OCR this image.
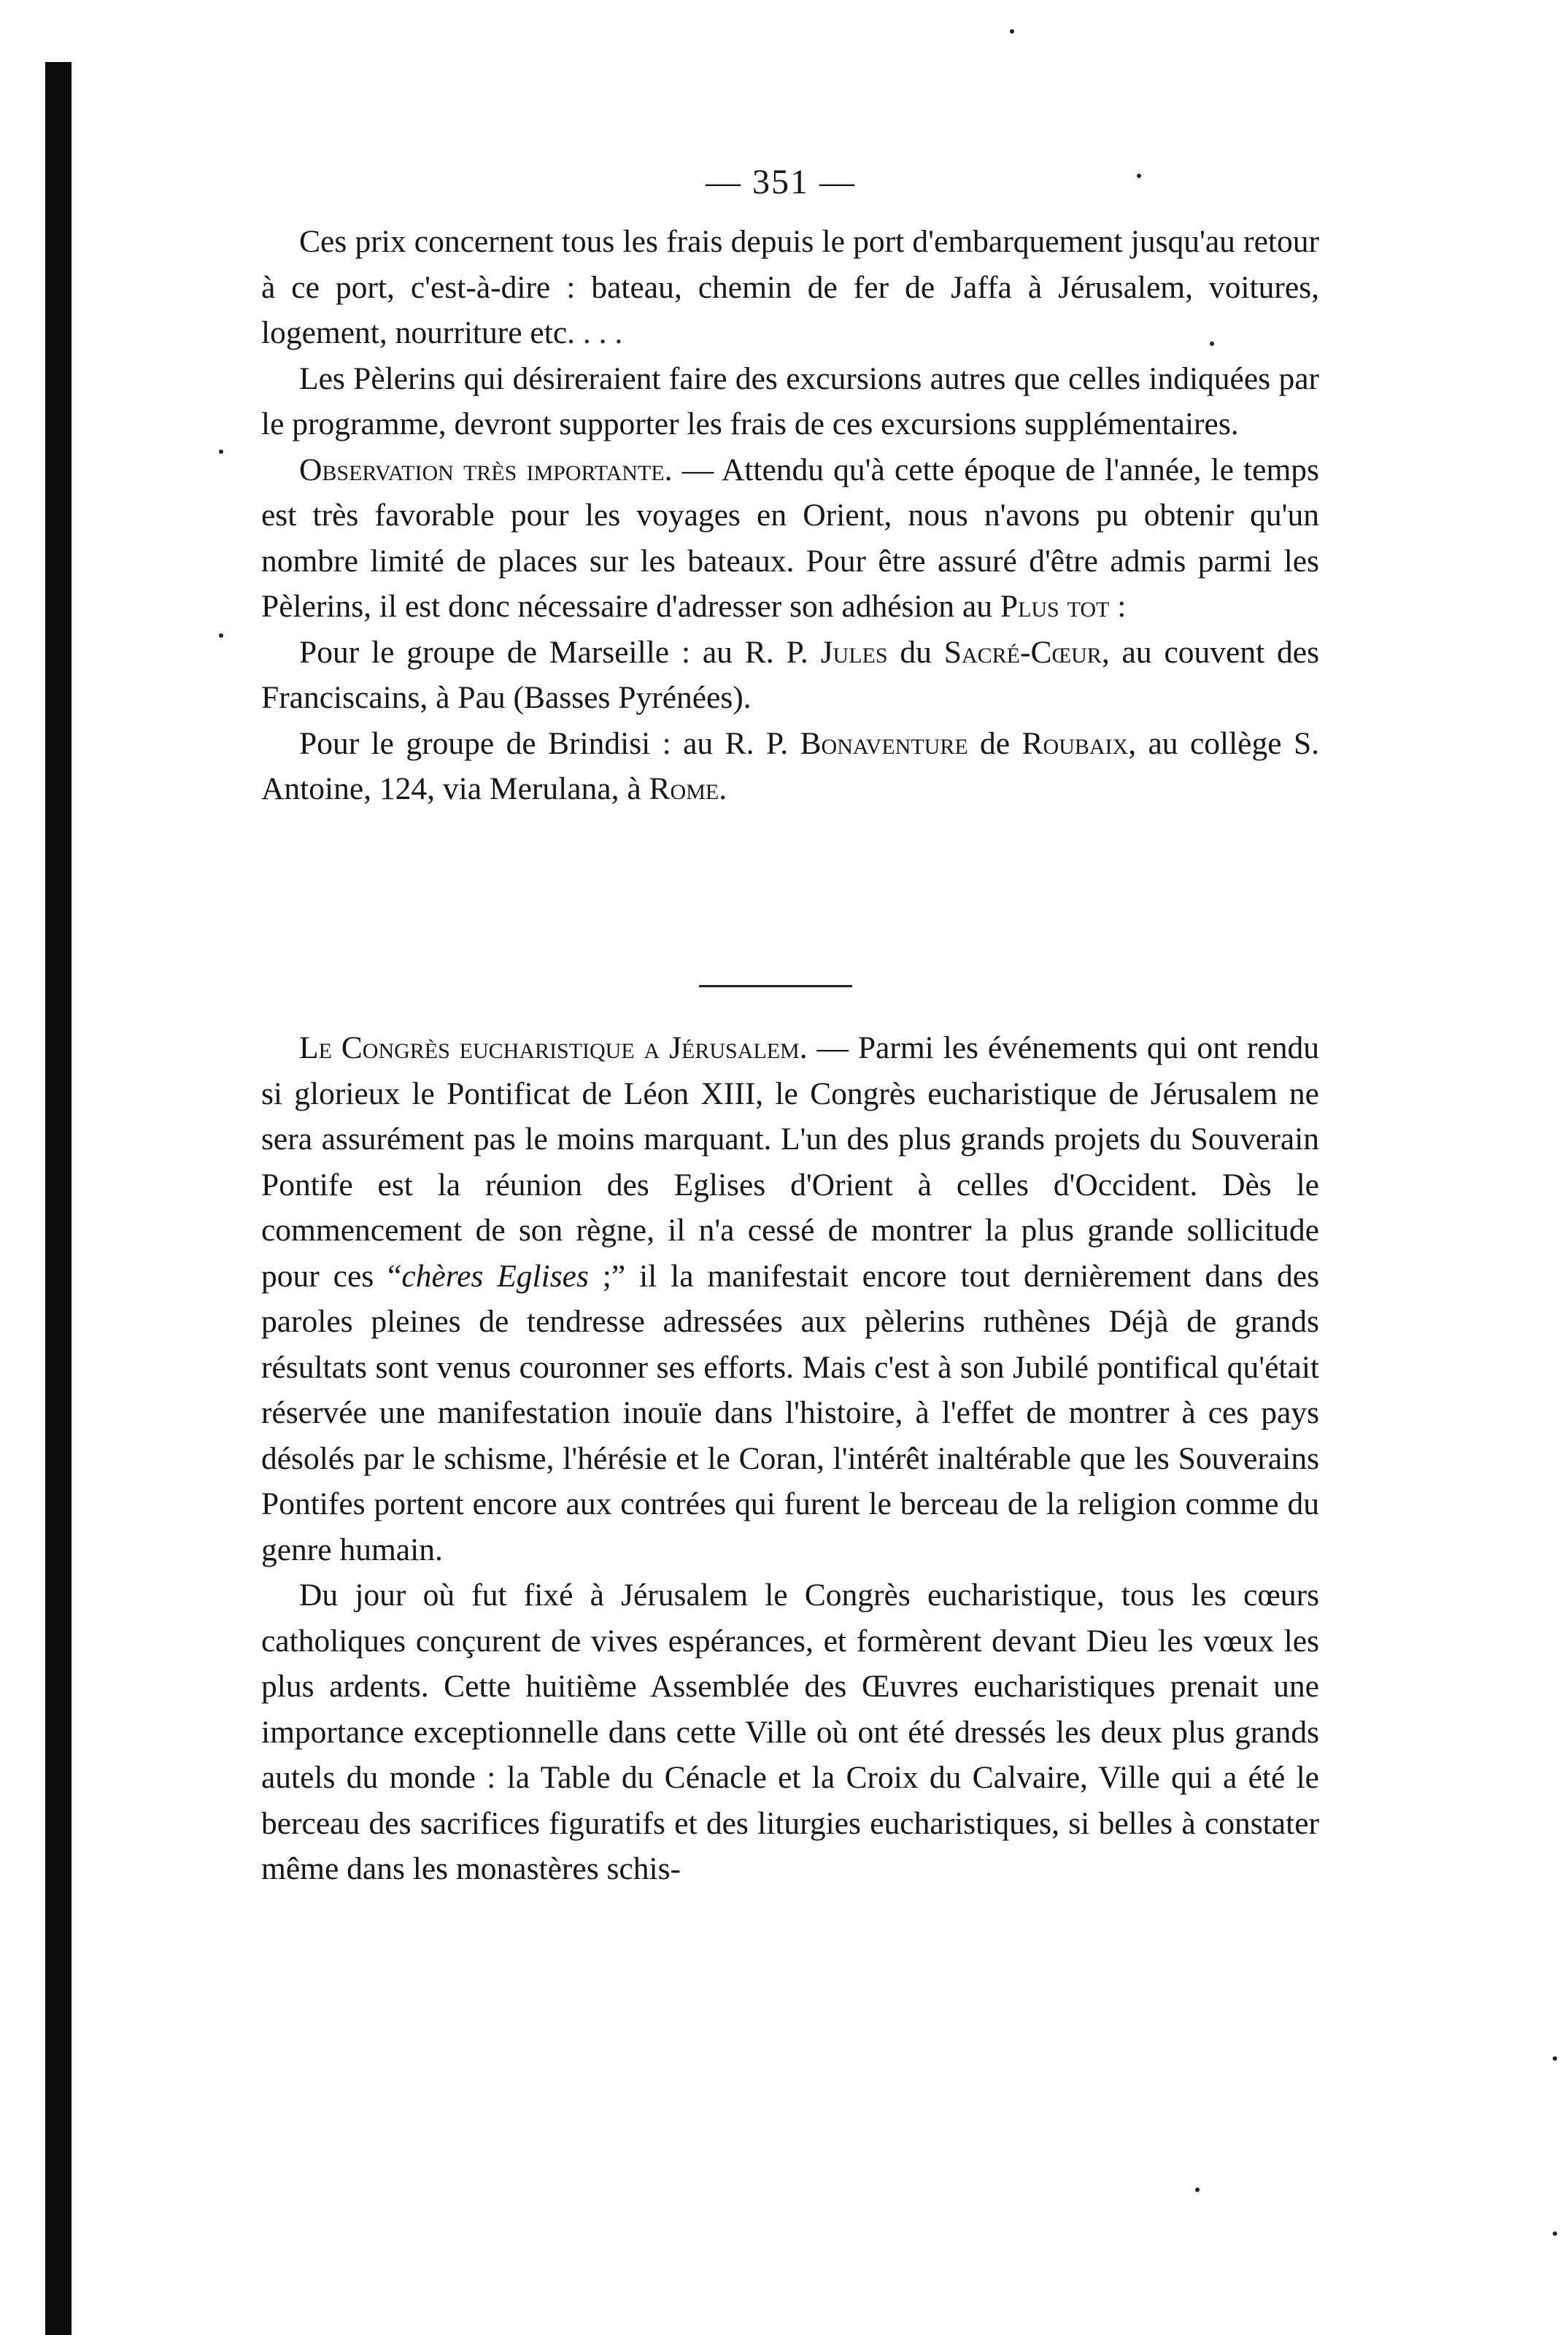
— 351 —

Ces prix concernent tous les frais depuis le port d'embarquement jusqu'au retour à ce port, c'est-à-dire : bateau, chemin de fer de Jaffa à Jérusalem, voitures, logement, nourriture etc. . . .

Les Pèlerins qui désireraient faire des excursions autres que celles indiquées par le programme, devront supporter les frais de ces excursions supplémentaires.

Observation très importante. — Attendu qu'à cette époque de l'année, le temps est très favorable pour les voyages en Orient, nous n'avons pu obtenir qu'un nombre limité de places sur les bateaux. Pour être assuré d'être admis parmi les Pèlerins, il est donc nécessaire d'adresser son adhésion au Plus tot :

Pour le groupe de Marseille : au R. P. Jules du Sacré-Cœur, au couvent des Franciscains, à Pau (Basses Pyrénées).

Pour le groupe de Brindisi : au R. P. Bonaventure de Roubaix, au collège S. Antoine, 124, via Merulana, à Rome.

Le Congrès eucharistique a Jérusalem. — Parmi les événements qui ont rendu si glorieux le Pontificat de Léon XIII, le Congrès eucharistique de Jérusalem ne sera assurément pas le moins marquant. L'un des plus grands projets du Souverain Pontife est la réunion des Eglises d'Orient à celles d'Occident. Dès le commencement de son règne, il n'a cessé de montrer la plus grande sollicitude pour ces “chères Eglises ;” il la manifestait encore tout dernièrement dans des paroles pleines de tendresse adressées aux pèlerins ruthènes Déjà de grands résultats sont venus couronner ses efforts. Mais c'est à son Jubilé pontifical qu'était réservée une manifestation inouïe dans l'histoire, à l'effet de montrer à ces pays désolés par le schisme, l'hérésie et le Coran, l'intérêt inaltérable que les Souverains Pontifes portent encore aux contrées qui furent le berceau de la religion comme du genre humain.

Du jour où fut fixé à Jérusalem le Congrès eucharistique, tous les cœurs catholiques conçurent de vives espérances, et formèrent devant Dieu les vœux les plus ardents. Cette huitième Assemblée des Œuvres eucharistiques prenait une importance exceptionnelle dans cette Ville où ont été dressés les deux plus grands autels du monde : la Table du Cénacle et la Croix du Calvaire, Ville qui a été le berceau des sacrifices figuratifs et des liturgies eucharistiques, si belles à constater même dans les monastères schis-
